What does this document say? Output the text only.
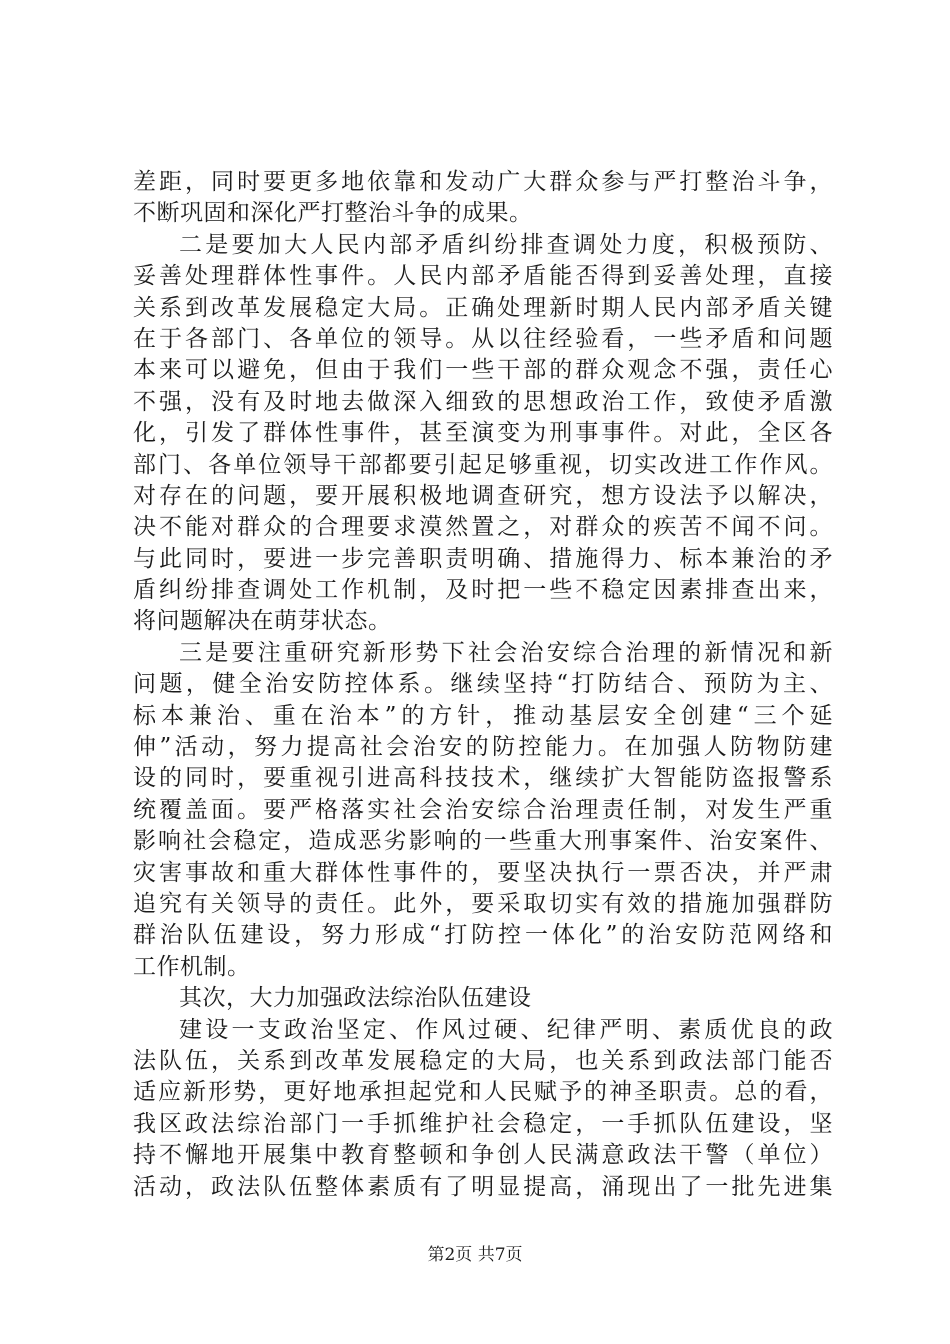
差距，同时要更多地依靠和发动广大群众参与严打整治斗争，
不断巩固和深化严打整治斗争的成果。
二是要加大人民内部矛盾纠纷排查调处力度，积极预防、
妥善处理群体性事件。人民内部矛盾能否得到妥善处理，直接
关系到改革发展稳定大局。正确处理新时期人民内部矛盾关键
在于各部门、各单位的领导。从以往经验看，一些矛盾和问题
本来可以避免，但由于我们一些干部的群众观念不强，责任心
不强，没有及时地去做深入细致的思想政治工作，致使矛盾激
化，引发了群体性事件，甚至演变为刑事事件。对此，全区各
部门、各单位领导干部都要引起足够重视，切实改进工作作风。
对存在的问题，要开展积极地调查研究，想方设法予以解决，
决不能对群众的合理要求漠然置之，对群众的疾苦不闻不问。
与此同时，要进一步完善职责明确、措施得力、标本兼治的矛
盾纠纷排查调处工作机制，及时把一些不稳定因素排查出来，
将问题解决在萌芽状态。
三是要注重研究新形势下社会治安综合治理的新情况和新
问题，健全治安防控体系。继续坚持“打防结合、预防为主、
标本兼治、重在治本”的方针，推动基层安全创建“三个延
伸”活动，努力提高社会治安的防控能力。在加强人防物防建
设的同时，要重视引进高科技技术，继续扩大智能防盗报警系
统覆盖面。要严格落实社会治安综合治理责任制，对发生严重
影响社会稳定，造成恶劣影响的一些重大刑事案件、治安案件、
灾害事故和重大群体性事件的，要坚决执行一票否决，并严肃
追究有关领导的责任。此外，要采取切实有效的措施加强群防
群治队伍建设，努力形成“打防控一体化”的治安防范网络和
工作机制。
其次，大力加强政法综治队伍建设
建设一支政治坚定、作风过硬、纪律严明、素质优良的政
法队伍，关系到改革发展稳定的大局，也关系到政法部门能否
适应新形势，更好地承担起党和人民赋予的神圣职责。总的看，
我区政法综治部门一手抓维护社会稳定，一手抓队伍建设，坚
持不懈地开展集中教育整顿和争创人民满意政法干警（单位）
活动，政法队伍整体素质有了明显提高，涌现出了一批先进集
第2页 共7页
